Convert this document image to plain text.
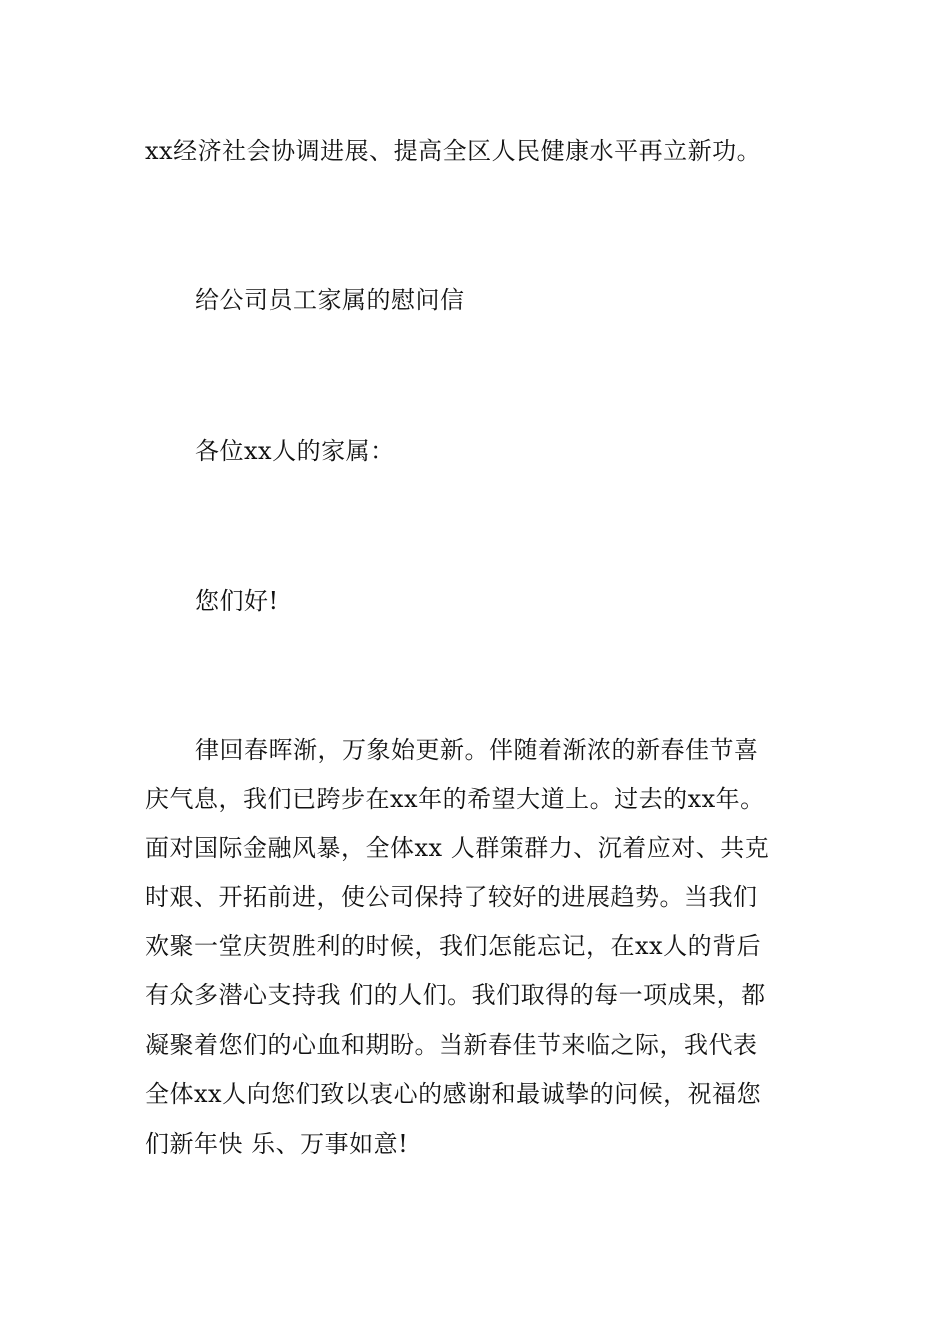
xx经济社会协调进展、提高全区人民健康水平再立新功。
给公司员工家属的慰问信
各位xx人的家属：
您们好!
律回春晖渐，万象始更新。伴随着渐浓的新春佳节喜
庆气息，我们已跨步在xx年的希望大道上。过去的xx年。
面对国际金融风暴，全体xx 人群策群力、沉着应对、共克
时艰、开拓前进，使公司保持了较好的进展趋势。当我们
欢聚一堂庆贺胜利的时候，我们怎能忘记，在xx人的背后
有众多潜心支持我 们的人们。我们取得的每一项成果，都
凝聚着您们的心血和期盼。当新春佳节来临之际，我代表
全体xx人向您们致以衷心的感谢和最诚挚的问候，祝福您
们新年快 乐、万事如意!
